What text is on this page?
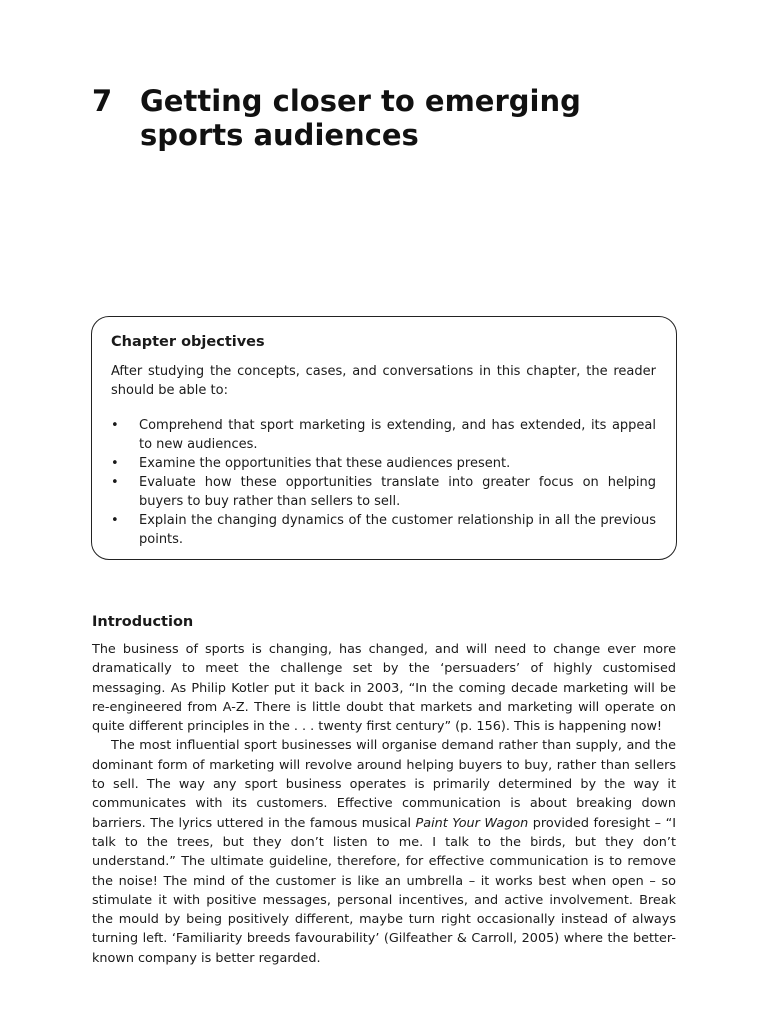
7 Getting closer to emerging sports audiences
Chapter objectives

After studying the concepts, cases, and conversations in this chapter, the reader should be able to:

•	Comprehend that sport marketing is extending, and has extended, its appeal to new audiences.
•	Examine the opportunities that these audiences present.
•	Evaluate how these opportunities translate into greater focus on helping buyers to buy rather than sellers to sell.
•	Explain the changing dynamics of the customer relationship in all the previous points.
Introduction

The business of sports is changing, has changed, and will need to change ever more dramatically to meet the challenge set by the ‘persuaders’ of highly customised messaging. As Philip Kotler put it back in 2003, “In the coming decade marketing will be re-engineered from A-Z. There is little doubt that markets and marketing will operate on quite different principles in the . . . twenty first century” (p. 156). This is happening now!

The most influential sport businesses will organise demand rather than supply, and the dominant form of marketing will revolve around helping buyers to buy, rather than sellers to sell. The way any sport business operates is primarily determined by the way it communicates with its customers. Effective communication is about breaking down barriers. The lyrics uttered in the famous musical Paint Your Wagon provided foresight – “I talk to the trees, but they don’t listen to me. I talk to the birds, but they don’t understand.” The ultimate guideline, therefore, for effective communication is to remove the noise! The mind of the customer is like an umbrella – it works best when open – so stimulate it with positive messages, personal incentives, and active involvement. Break the mould by being positively different, maybe turn right occasionally instead of always turning left. ‘Familiarity breeds favourability’ (Gilfeather & Carroll, 2005) where the better-known company is better regarded.
